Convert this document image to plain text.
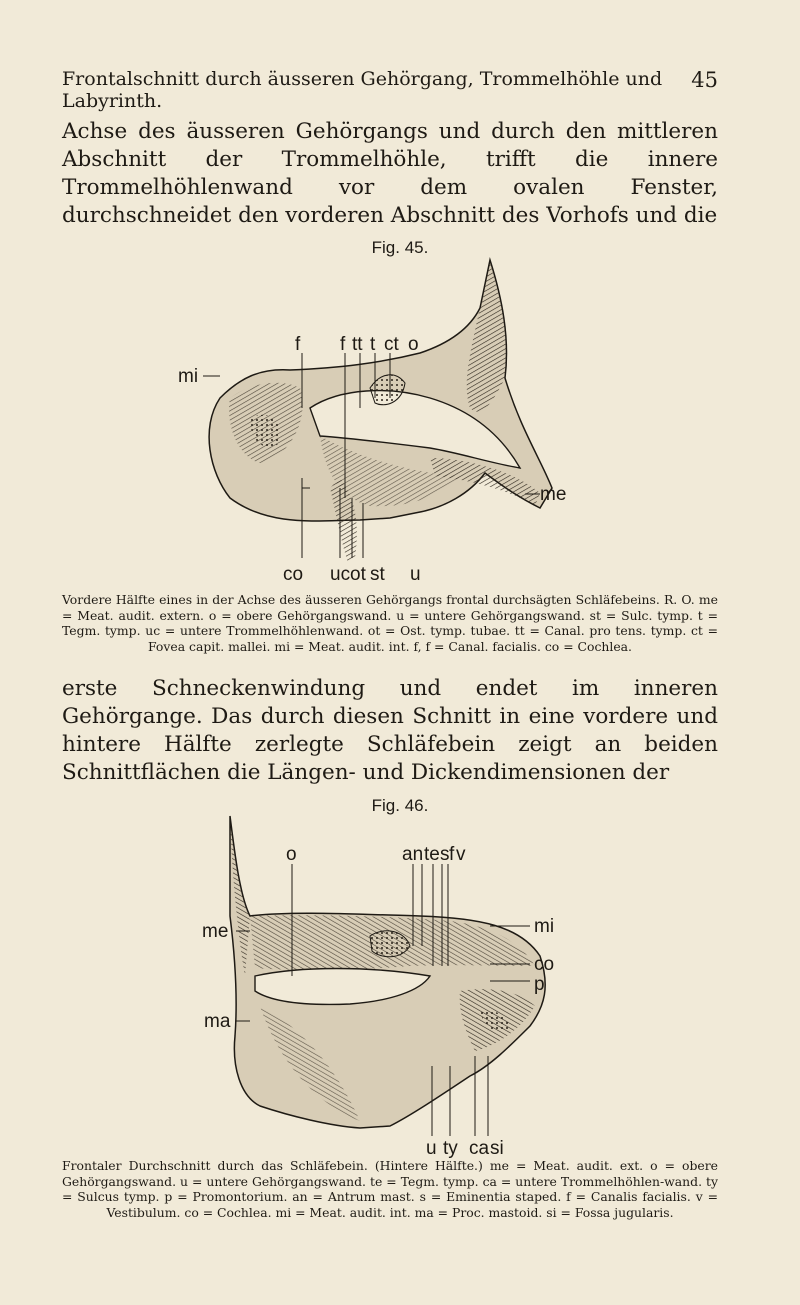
Frontalschnitt durch äusseren Gehörgang, Trommelhöhle und Labyrinth.
45

Achse des äusseren Gehörgangs und durch den mittleren Abschnitt der Trommelhöhle, trifft die innere Trommelhöhlenwand vor dem ovalen Fenster, durchschneidet den vorderen Abschnitt des Vorhofs und die

Fig. 45.
f f tt t ct o
mi
me
co uc ot st u

Vordere Hälfte eines in der Achse des äusseren Gehörgangs frontal durchsägten Schläfebeins. R. O. me = Meat. audit. extern. o = obere Gehörgangswand. u = untere Gehörgangswand. st = Sulc. tymp. t = Tegm. tymp. uc = untere Trommelhöhlenwand. ot = Ost. tymp. tubae. tt = Canal. pro tens. tymp. ct = Fovea capit. mallei. mi = Meat. audit. int. f, f = Canal. facialis. co = Cochlea.

erste Schneckenwindung und endet im inneren Gehörgange. Das durch diesen Schnitt in eine vordere und hintere Hälfte zerlegte Schläfebein zeigt an beiden Schnittflächen die Längen- und Dickendimensionen der

Fig. 46.
o	an te s f v
me
ma
mi
co
p
u ty ca si

Frontaler Durchschnitt durch das Schläfebein. (Hintere Hälfte.) me = Meat. audit. ext. o = obere Gehörgangswand. u = untere Gehörgangswand. te = Tegm. tymp. ca = untere Trommelhöhlen-wand. ty = Sulcus tymp. p = Promontorium. an = Antrum mast. s = Eminentia staped. f = Canalis facialis. v = Vestibulum. co = Cochlea. mi = Meat. audit. int. ma = Proc. mastoid. si = Fossa jugularis.
